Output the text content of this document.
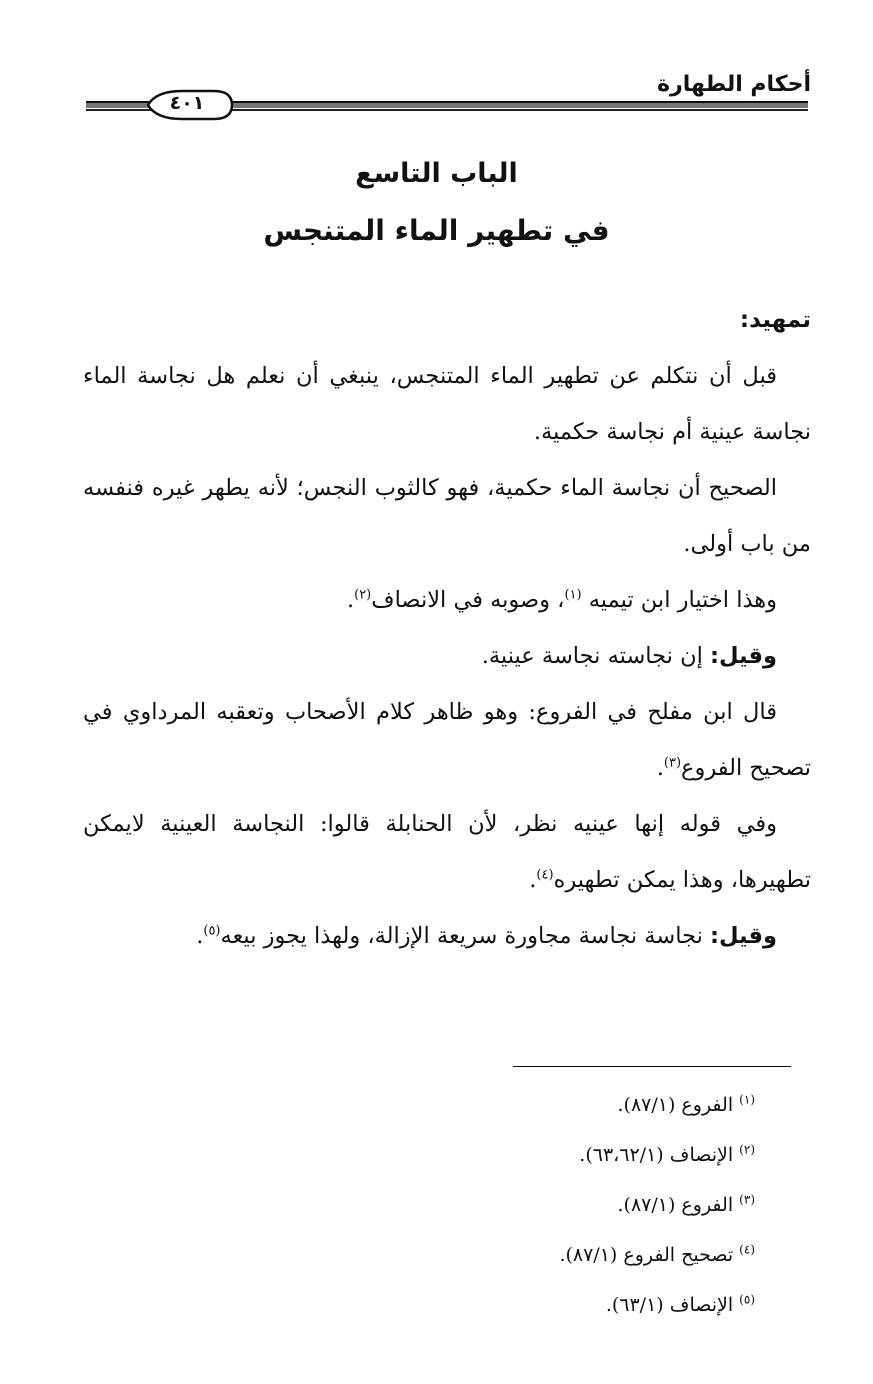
أحكام الطهارة
٤٠١
الباب التاسع
في تطهير الماء المتنجس

تمهيد:

قبل أن نتكلم عن تطهير الماء المتنجس، ينبغي أن نعلم هل نجاسة الماء نجاسة عينية أم نجاسة حكمية.

الصحيح أن نجاسة الماء حكمية، فهو كالثوب النجس؛ لأنه يطهر غيره فنفسه من باب أولى.

وهذا اختيار ابن تيميه $^{(١)}$، وصوبه في الانصاف$^{(٢)}$.

وقيل: إن نجاسته نجاسة عينية.

قال ابن مفلح في الفروع: وهو ظاهر كلام الأصحاب وتعقبه المرداوي في تصحيح الفروع$^{(٣)}$.

وفي قوله إنها عينيه نظر، لأن الحنابلة قالوا: النجاسة العينية لايمكن تطهيرها، وهذا يمكن تطهيره$^{(٤)}$.

وقيل: نجاسة نجاسة مجاورة سريعة الإزالة، ولهذا يجوز بيعه$^{(٥)}$.

$^{(١)}$ الفروع (٨٧/١).

$^{(٢)}$ الإنصاف (٦٣،٦٢/١).

$^{(٣)}$ الفروع (٨٧/١).

$^{(٤)}$ تصحيح الفروع (٨٧/١).

$^{(٥)}$ الإنصاف (٦٣/١).
